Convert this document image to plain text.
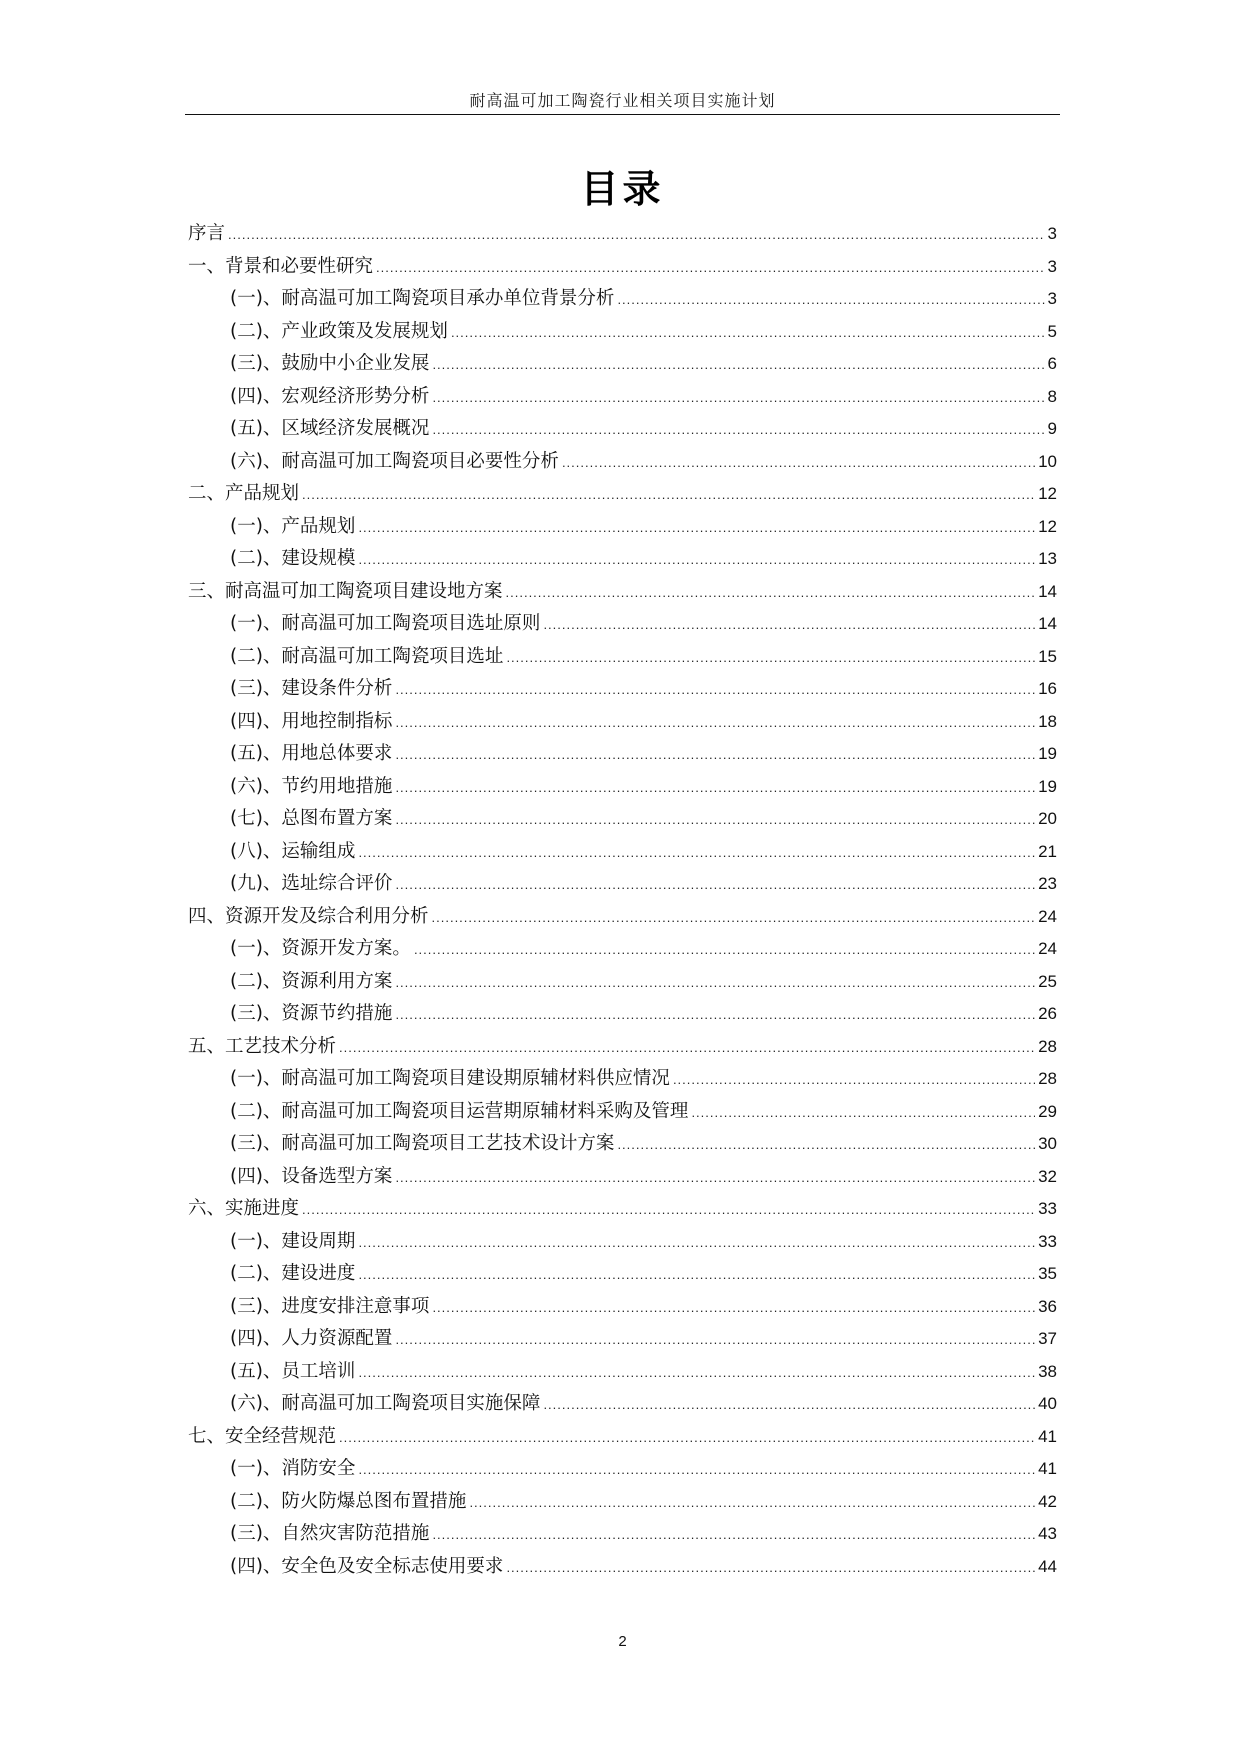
耐高温可加工陶瓷行业相关项目实施计划
目录
序言 .....	3
一、背景和必要性研究 .....	3
(一)、耐高温可加工陶瓷项目承办单位背景分析 .....	3
(二)、产业政策及发展规划 .....	5
(三)、鼓励中小企业发展 .....	6
(四)、宏观经济形势分析 .....	8
(五)、区域经济发展概况 .....	9
(六)、耐高温可加工陶瓷项目必要性分析 .....	10
二、产品规划 .....	12
(一)、产品规划 .....	12
(二)、建设规模 .....	13
三、耐高温可加工陶瓷项目建设地方案 .....	14
(一)、耐高温可加工陶瓷项目选址原则 .....	14
(二)、耐高温可加工陶瓷项目选址 .....	15
(三)、建设条件分析 .....	16
(四)、用地控制指标 .....	18
(五)、用地总体要求 .....	19
(六)、节约用地措施 .....	19
(七)、总图布置方案 .....	20
(八)、运输组成 .....	21
(九)、选址综合评价 .....	23
四、资源开发及综合利用分析 .....	24
(一)、资源开发方案。 .....	24
(二)、资源利用方案 .....	25
(三)、资源节约措施 .....	26
五、工艺技术分析 .....	28
(一)、耐高温可加工陶瓷项目建设期原辅材料供应情况 .....	28
(二)、耐高温可加工陶瓷项目运营期原辅材料采购及管理 .....	29
(三)、耐高温可加工陶瓷项目工艺技术设计方案 .....	30
(四)、设备选型方案 .....	32
六、实施进度 .....	33
(一)、建设周期 .....	33
(二)、建设进度 .....	35
(三)、进度安排注意事项 .....	36
(四)、人力资源配置 .....	37
(五)、员工培训 .....	38
(六)、耐高温可加工陶瓷项目实施保障 .....	40
七、安全经营规范 .....	41
(一)、消防安全 .....	41
(二)、防火防爆总图布置措施 .....	42
(三)、自然灾害防范措施 .....	43
(四)、安全色及安全标志使用要求 .....	44
2
